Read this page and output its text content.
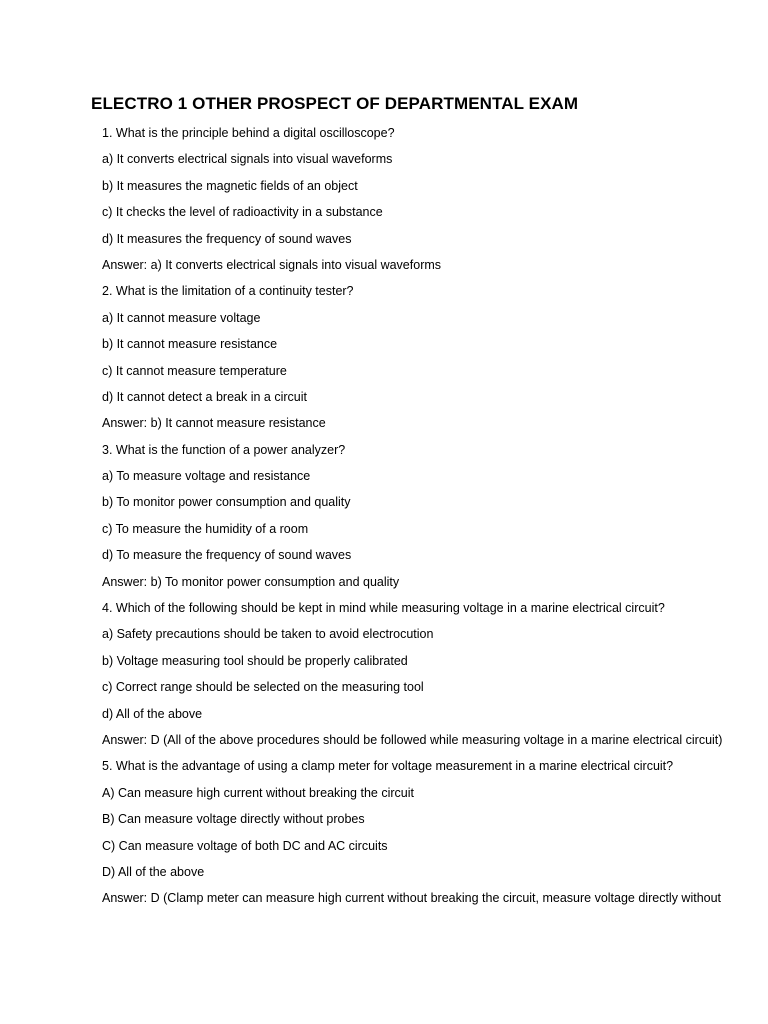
ELECTRO 1 OTHER PROSPECT OF DEPARTMENTAL EXAM
1. What is the principle behind a digital oscilloscope?
a) It converts electrical signals into visual waveforms
b) It measures the magnetic fields of an object
c) It checks the level of radioactivity in a substance
d) It measures the frequency of sound waves
Answer: a) It converts electrical signals into visual waveforms
2. What is the limitation of a continuity tester?
a) It cannot measure voltage
b) It cannot measure resistance
c) It cannot measure temperature
d) It cannot detect a break in a circuit
Answer: b) It cannot measure resistance
3. What is the function of a power analyzer?
a) To measure voltage and resistance
b) To monitor power consumption and quality
c) To measure the humidity of a room
d) To measure the frequency of sound waves
Answer: b) To monitor power consumption and quality
4. Which of the following should be kept in mind while measuring voltage in a marine electrical circuit?
a) Safety precautions should be taken to avoid electrocution
b) Voltage measuring tool should be properly calibrated
c) Correct range should be selected on the measuring tool
d) All of the above
Answer: D (All of the above procedures should be followed while measuring voltage in a marine electrical circuit)
5. What is the advantage of using a clamp meter for voltage measurement in a marine electrical circuit?
A) Can measure high current without breaking the circuit
B) Can measure voltage directly without probes
C) Can measure voltage of both DC and AC circuits
D) All of the above
Answer: D (Clamp meter can measure high current without breaking the circuit, measure voltage directly without
